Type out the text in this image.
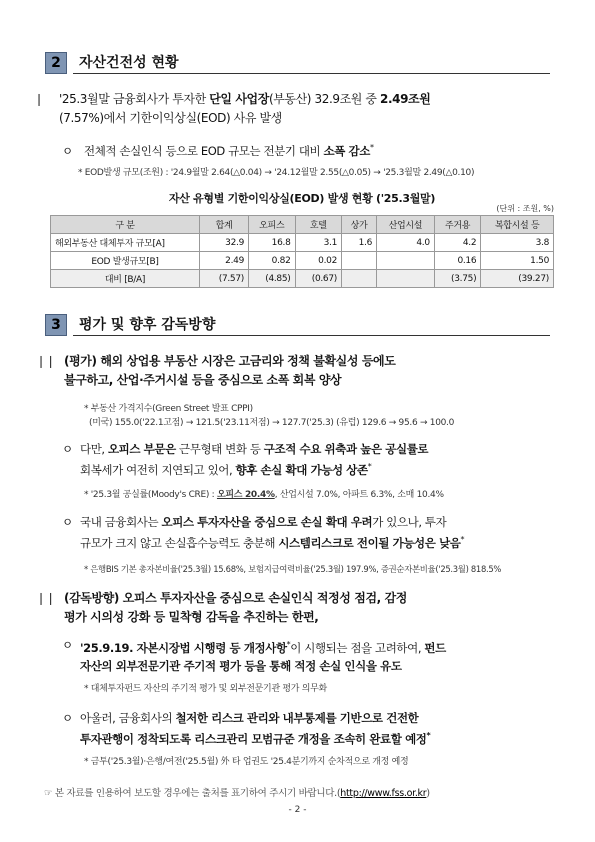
2	자산건전성 현황
❘	'25.3월말 금융회사가 투자한 단일 사업장(부동산) 32.9조원 중 2.49조원
(7.57%)에서 기한이익상실(EOD) 사유 발생
ㅇ 전체적 손실인식 등으로 EOD 규모는 전분기 대비 소폭 감소*
* EOD발생 규모(조원) : '24.9월말 2.64(△0.04) → '24.12월말 2.55(△0.05) → '25.3월말 2.49(△0.10)
자산 유형별 기한이익상실(EOD) 발생 현황 ('25.3월말)
(단위 : 조원, %)
구 분	합계	오피스	호텔	상가	산업시설	주거용	복합시설 등
해외부동산 대체투자 규모[A]	32.9	16.8	3.1	1.6	4.0	4.2	3.8
EOD 발생규모[B]	2.49	0.82	0.02			0.16	1.50
대비 [B/A]	(7.57)	(4.85)	(0.67)			(3.75)	(39.27)
3	평가 및 향후 감독방향
❘❘ (평가) 해외 상업용 부동산 시장은 고금리와 정책 불확실성 등에도
불구하고, 산업·주거시설 등을 중심으로 소폭 회복 양상
* 부동산 가격지수(Green Street 발표 CPPI)
(미국) 155.0('22.1고점) → 121.5('23.11저점) → 127.7('25.3) (유럽) 129.6 → 95.6 → 100.0
ㅇ 다만, 오피스 부문은 근무형태 변화 등 구조적 수요 위축과 높은 공실률로
회복세가 여전히 지연되고 있어, 향후 손실 확대 가능성 상존*
* '25.3월 공실률(Moody's CRE) : 오피스 20.4%, 산업시설 7.0%, 아파트 6.3%, 소매 10.4%
ㅇ 국내 금융회사는 오피스 투자자산을 중심으로 손실 확대 우려가 있으나, 투자
규모가 크지 않고 손실흡수능력도 충분해 시스템리스크로 전이될 가능성은 낮음*
* 은행BIS 기본 총자본비율('25.3월) 15.68%, 보험지급여력비율('25.3월) 197.9%, 증권순자본비율('25.3월) 818.5%
❘❘ (감독방향) 오피스 투자자산을 중심으로 손실인식 적정성 점검, 감정
평가 시의성 강화 등 밀착형 감독을 추진하는 한편,
ㅇ '25.9.19. 자본시장법 시행령 등 개정사항*이 시행되는 점을 고려하여, 펀드
자산의 외부전문기관 주기적 평가 등을 통해 적정 손실 인식을 유도
* 대체투자펀드 자산의 주기적 평가 및 외부전문기관 평가 의무화
ㅇ 아울러, 금융회사의 철저한 리스크 관리와 내부통제를 기반으로 건전한
투자관행이 정착되도록 리스크관리 모범규준 개정을 조속히 완료할 예정*
* 금투('25.3월)·은행/여전('25.5월) 外 타 업권도 '25.4분기까지 순차적으로 개정 예정
☞ 본 자료를 인용하여 보도할 경우에는 출처를 표기하여 주시기 바랍니다.(http://www.fss.or.kr)
- 2 -
